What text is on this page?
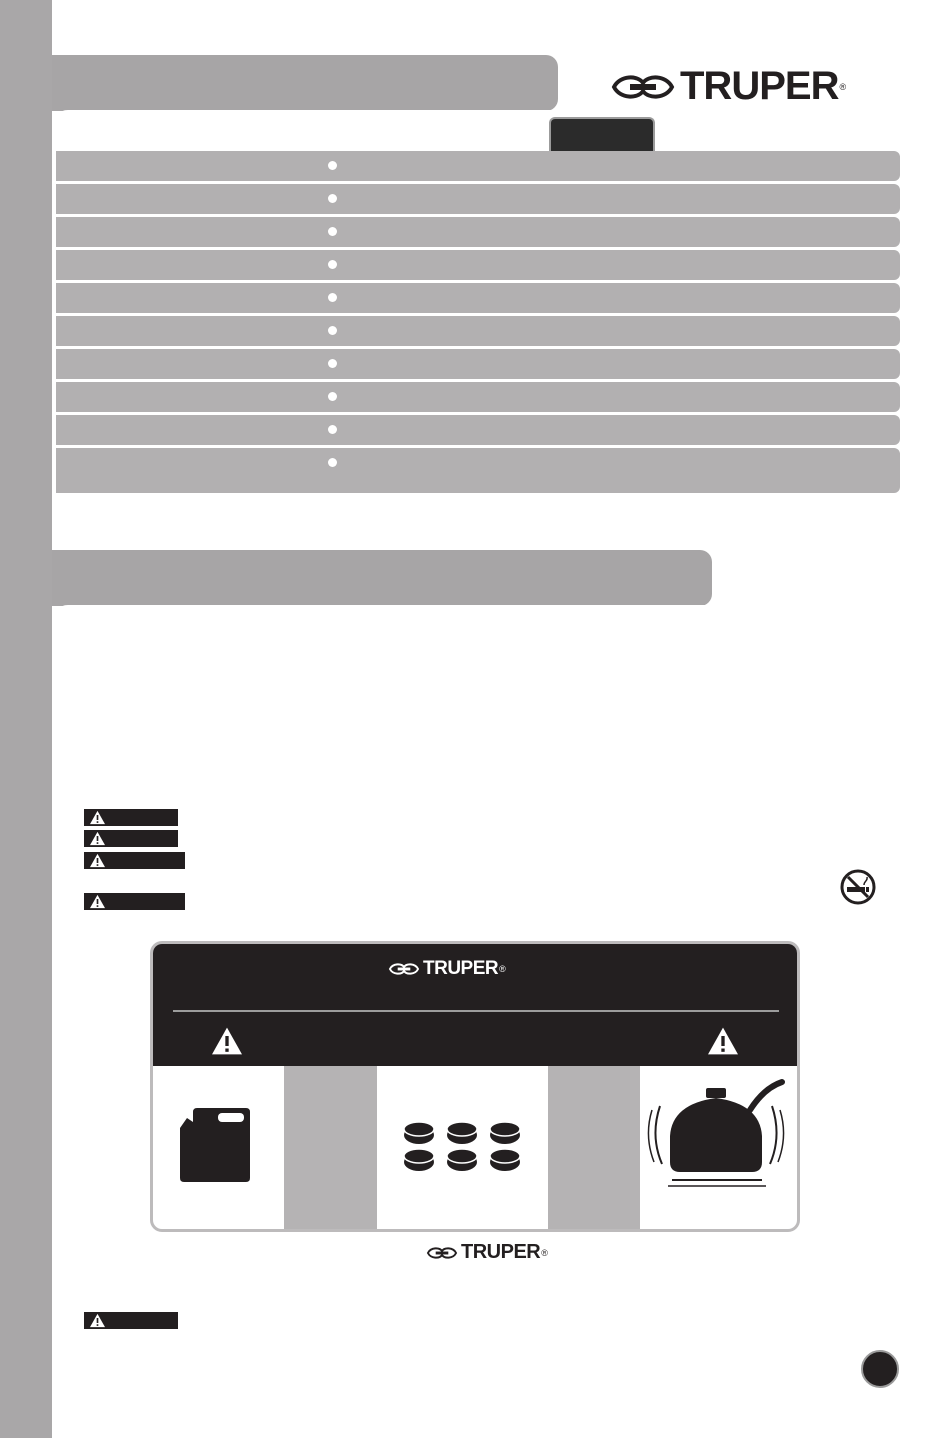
TRUPER ®
TRUPER ®
TRUPER ®
